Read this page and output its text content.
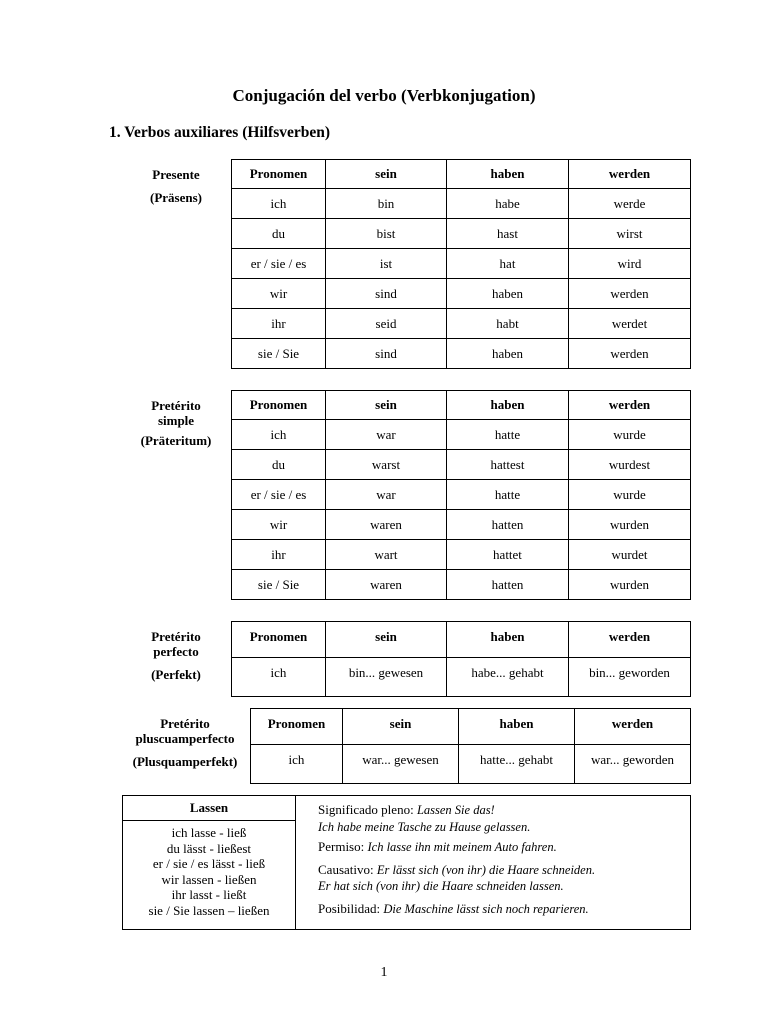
Conjugación del verbo (Verbkonjugation)
1. Verbos auxiliares (Hilfsverben)
Presente
(Präsens)
Pronomen	sein	haben	werden
ich	bin	habe	werde
du	bist	hast	wirst
er / sie / es	ist	hat	wird
wir	sind	haben	werden
ihr	seid	habt	werdet
sie / Sie	sind	haben	werden
Pretérito
simple
(Präteritum)
Pronomen	sein	haben	werden
ich	war	hatte	wurde
du	warst	hattest	wurdest
er / sie / es	war	hatte	wurde
wir	waren	hatten	wurden
ihr	wart	hattet	wurdet
sie / Sie	waren	hatten	wurden
Pretérito
perfecto
(Perfekt)
Pronomen	sein	haben	werden
ich	bin... gewesen	habe... gehabt	bin... geworden
Pretérito
pluscuamperfecto
(Plusquamperfekt)
Pronomen	sein	haben	werden
ich	war... gewesen	hatte... gehabt	war... geworden
Lassen
ich lasse - ließ
du lässt - ließest
er / sie / es lässt - ließ
wir lassen - ließen
ihr lasst - ließt
sie / Sie lassen – ließen
Significado pleno: Lassen Sie das!
Ich habe meine Tasche zu Hause gelassen.
Permiso: Ich lasse ihn mit meinem Auto fahren.
Causativo: Er lässt sich (von ihr) die Haare schneiden.
Er hat sich (von ihr) die Haare schneiden lassen.
Posibilidad: Die Maschine lässt sich noch reparieren.
1
